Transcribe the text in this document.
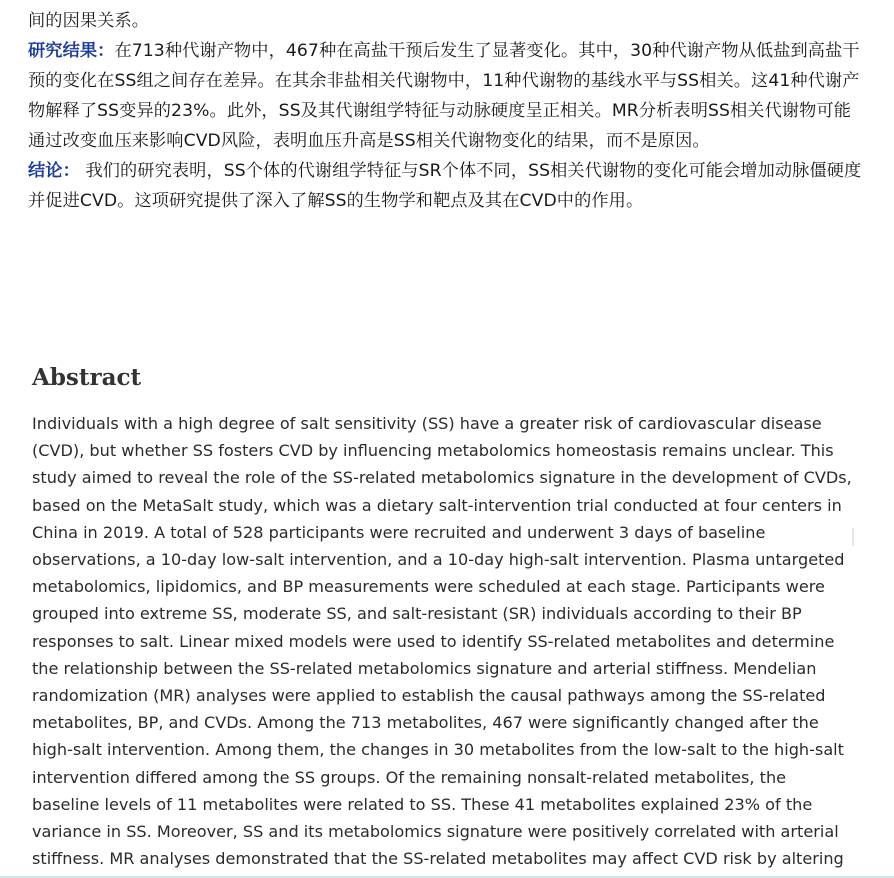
间的因果关系。

研究结果：在713种代谢产物中，467种在高盐干预后发生了显著变化。其中，30种代谢产物从低盐到高盐干预的变化在SS组之间存在差异。在其余非盐相关代谢物中，11种代谢物的基线水平与SS相关。这41种代谢产物解释了SS变异的23%。此外，SS及其代谢组学特征与动脉硬度呈正相关。MR分析表明SS相关代谢物可能通过改变血压来影响CVD风险，表明血压升高是SS相关代谢物变化的结果，而不是原因。

结论： 我们的研究表明，SS个体的代谢组学特征与SR个体不同，SS相关代谢物的变化可能会增加动脉僵硬度并促进CVD。这项研究提供了深入了解SS的生物学和靶点及其在CVD中的作用。

Abstract

Individuals with a high degree of salt sensitivity (SS) have a greater risk of cardiovascular disease (CVD), but whether SS fosters CVD by influencing metabolomics homeostasis remains unclear. This study aimed to reveal the role of the SS-related metabolomics signature in the development of CVDs, based on the MetaSalt study, which was a dietary salt-intervention trial conducted at four centers in China in 2019. A total of 528 participants were recruited and underwent 3 days of baseline observations, a 10-day low-salt intervention, and a 10-day high-salt intervention. Plasma untargeted metabolomics, lipidomics, and BP measurements were scheduled at each stage. Participants were grouped into extreme SS, moderate SS, and salt-resistant (SR) individuals according to their BP responses to salt. Linear mixed models were used to identify SS-related metabolites and determine the relationship between the SS-related metabolomics signature and arterial stiffness. Mendelian randomization (MR) analyses were applied to establish the causal pathways among the SS-related metabolites, BP, and CVDs. Among the 713 metabolites, 467 were significantly changed after the high-salt intervention. Among them, the changes in 30 metabolites from the low-salt to the high-salt intervention differed among the SS groups. Of the remaining nonsalt-related metabolites, the baseline levels of 11 metabolites were related to SS. These 41 metabolites explained 23% of the variance in SS. Moreover, SS and its metabolomics signature were positively correlated with arterial stiffness. MR analyses demonstrated that the SS-related metabolites may affect CVD risk by altering
